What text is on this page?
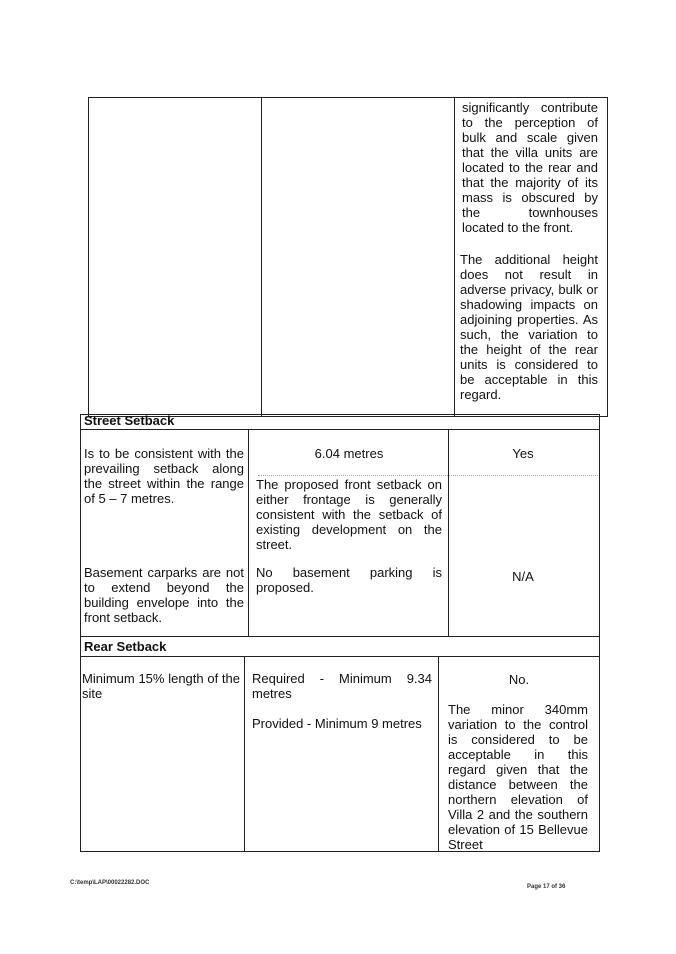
significantly contribute to the perception of bulk and scale given that the villa units are located to the rear and that the majority of its mass is obscured by the townhouses located to the front.
The additional height does not result in adverse privacy, bulk or shadowing impacts on adjoining properties. As such, the variation to the height of the rear units is considered to be acceptable in this regard.
Street Setback
Is to be consistent with the prevailing setback along the street within the range of 5 – 7 metres.
6.04 metres
The proposed front setback on either frontage is generally consistent with the setback of existing development on the street.
Yes
Basement carparks are not to extend beyond the building envelope into the front setback.
No basement parking is proposed.
N/A
Rear Setback
Minimum 15% length of the site
Required - Minimum 9.34 metres
Provided - Minimum 9 metres
No.
The minor 340mm variation to the control is considered to be acceptable in this regard given that the distance between the northern elevation of Villa 2 and the southern elevation of 15 Bellevue Street
C:\temp\LAP\00022282.DOC
Page 17 of 36
